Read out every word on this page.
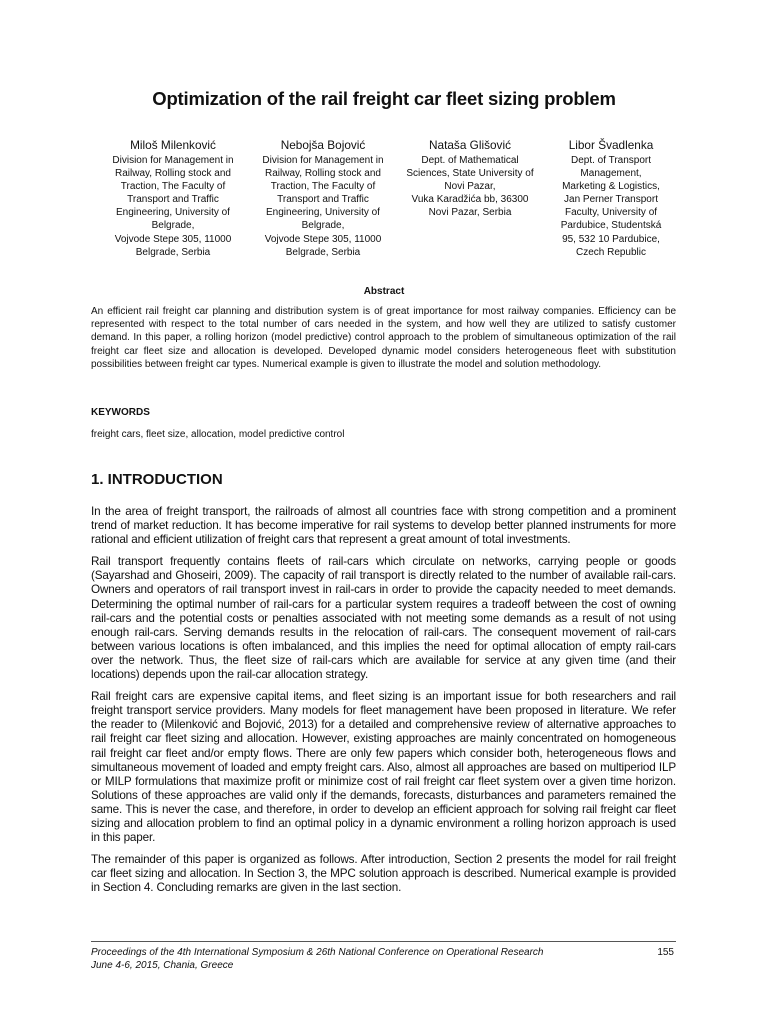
Optimization of the rail freight car fleet sizing problem
Miloš Milenković
Division for Management in
Railway, Rolling stock and
Traction, The Faculty of
Transport and Traffic
Engineering, University of
Belgrade,
Vojvode Stepe 305, 11000
Belgrade, Serbia
Nebojša Bojović
Division for Management in
Railway, Rolling stock and
Traction, The Faculty of
Transport and Traffic
Engineering, University of
Belgrade,
Vojvode Stepe 305, 11000
Belgrade, Serbia
Nataša Glišović
Dept. of Mathematical
Sciences, State University of
Novi Pazar,
Vuka Karadžića bb, 36300
Novi Pazar, Serbia
Libor Švadlenka
Dept. of Transport
Management,
Marketing & Logistics,
Jan Perner Transport
Faculty, University of
Pardubice, Studentská
95, 532 10 Pardubice,
Czech Republic
Abstract

An efficient rail freight car planning and distribution system is of great importance for most railway companies. Efficiency can be represented with respect to the total number of cars needed in the system, and how well they are utilized to satisfy customer demand. In this paper, a rolling horizon (model predictive) control approach to the problem of simultaneous optimization of the rail freight car fleet size and allocation is developed. Developed dynamic model considers heterogeneous fleet with substitution possibilities between freight car types. Numerical example is given to illustrate the model and solution methodology.

KEYWORDS

freight cars, fleet size, allocation, model predictive control

1. INTRODUCTION

In the area of freight transport, the railroads of almost all countries face with strong competition and a prominent trend of market reduction. It has become imperative for rail systems to develop better planned instruments for more rational and efficient utilization of freight cars that represent a great amount of total investments.

Rail transport frequently contains fleets of rail-cars which circulate on networks, carrying people or goods (Sayarshad and Ghoseiri, 2009). The capacity of rail transport is directly related to the number of available rail-cars. Owners and operators of rail transport invest in rail-cars in order to provide the capacity needed to meet demands. Determining the optimal number of rail-cars for a particular system requires a tradeoff between the cost of owning rail-cars and the potential costs or penalties associated with not meeting some demands as a result of not using enough rail-cars. Serving demands results in the relocation of rail-cars. The consequent movement of rail-cars between various locations is often imbalanced, and this implies the need for optimal allocation of empty rail-cars over the network. Thus, the fleet size of rail-cars which are available for service at any given time (and their locations) depends upon the rail-car allocation strategy.

Rail freight cars are expensive capital items, and fleet sizing is an important issue for both researchers and rail freight transport service providers. Many models for fleet management have been proposed in literature. We refer the reader to (Milenković and Bojović, 2013) for a detailed and comprehensive review of alternative approaches to rail freight car fleet sizing and allocation. However, existing approaches are mainly concentrated on homogeneous rail freight car fleet and/or empty flows. There are only few papers which consider both, heterogeneous flows and simultaneous movement of loaded and empty freight cars. Also, almost all approaches are based on multiperiod ILP or MILP formulations that maximize profit or minimize cost of rail freight car fleet system over a given time horizon. Solutions of these approaches are valid only if the demands, forecasts, disturbances and parameters remained the same. This is never the case, and therefore, in order to develop an efficient approach for solving rail freight car fleet sizing and allocation problem to find an optimal policy in a dynamic environment a rolling horizon approach is used in this paper.

The remainder of this paper is organized as follows. After introduction, Section 2 presents the model for rail freight car fleet sizing and allocation. In Section 3, the MPC solution approach is described. Numerical example is provided in Section 4. Concluding remarks are given in the last section.

Proceedings of the 4th International Symposium & 26th National Conference on Operational Research
June 4-6, 2015, Chania, Greece
155
